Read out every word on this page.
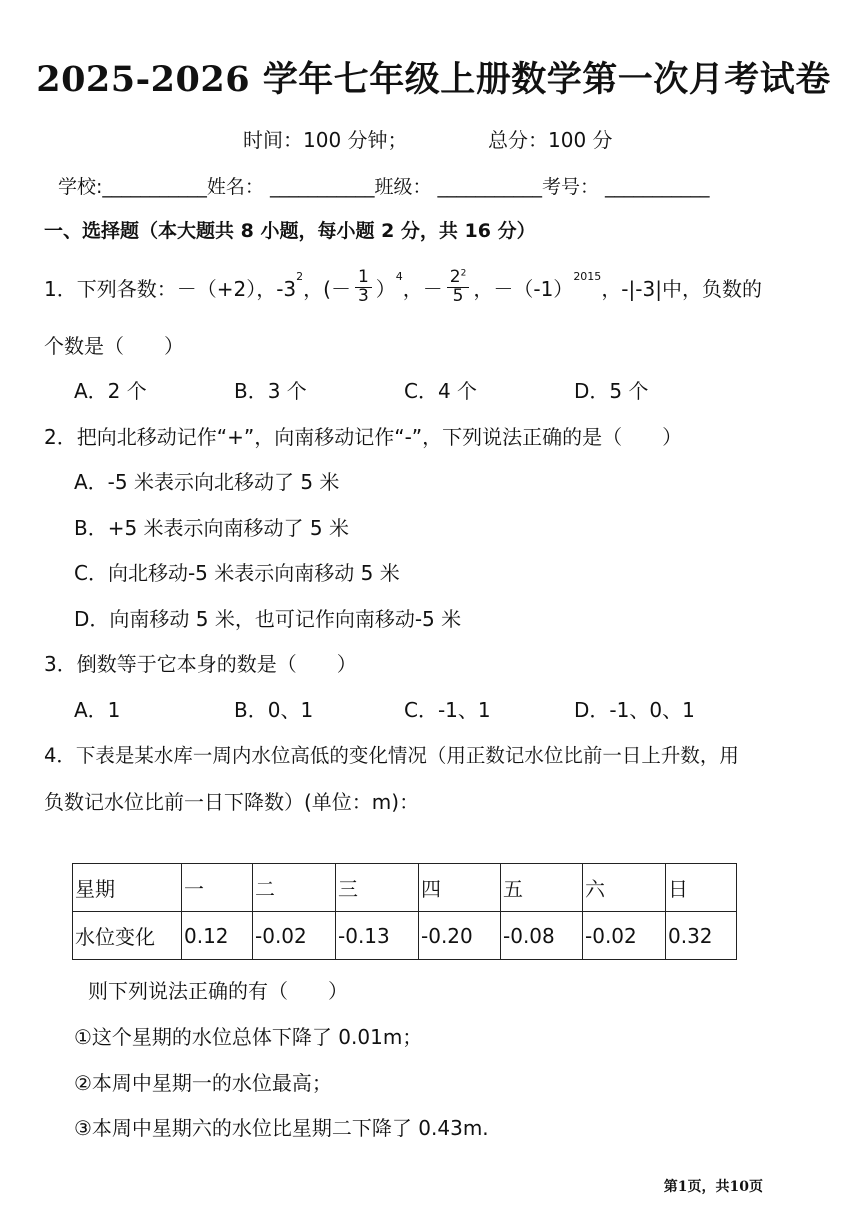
2025-2026 学年七年级上册数学第一次月考试卷
时间：100 分钟；	总分：100 分
学校:___________姓名： ___________班级： ___________考号： ___________
一、选择题（本大题共 8 小题，每小题 2 分，共 16 分）
1．下列各数：－（+2），$-3^2$ ，(－ $\frac{1}{3} )^4$ ，－ $\frac{2^2}{5}$ ，$-(-1)^{2015}$ ，-|-3|中，负数的
个数是（　　）
A．2 个	B．3 个	C．4 个	D．5 个
2．把向北移动记作“+”，向南移动记作“-”，下列说法正确的是（　　）
A．-5 米表示向北移动了 5 米
B．+5 米表示向南移动了 5 米
C．向北移动-5 米表示向南移动 5 米
D．向南移动 5 米，也可记作向南移动-5 米
3．倒数等于它本身的数是（　　）
A．1	B．0、1	C．-1、1	D．-1、0、1
4．下表是某水库一周内水位高低的变化情况（用正数记水位比前一日上升数，用
负数记水位比前一日下降数）(单位：m)：
星期	一	二	三	四	五	六	日
水位变化	0.12	-0.02	-0.13	-0.20	-0.08	-0.02	0.32
则下列说法正确的有（　　）
①这个星期的水位总体下降了 0.01m；
②本周中星期一的水位最高；
③本周中星期六的水位比星期二下降了 0.43m.
第1页，共10页
